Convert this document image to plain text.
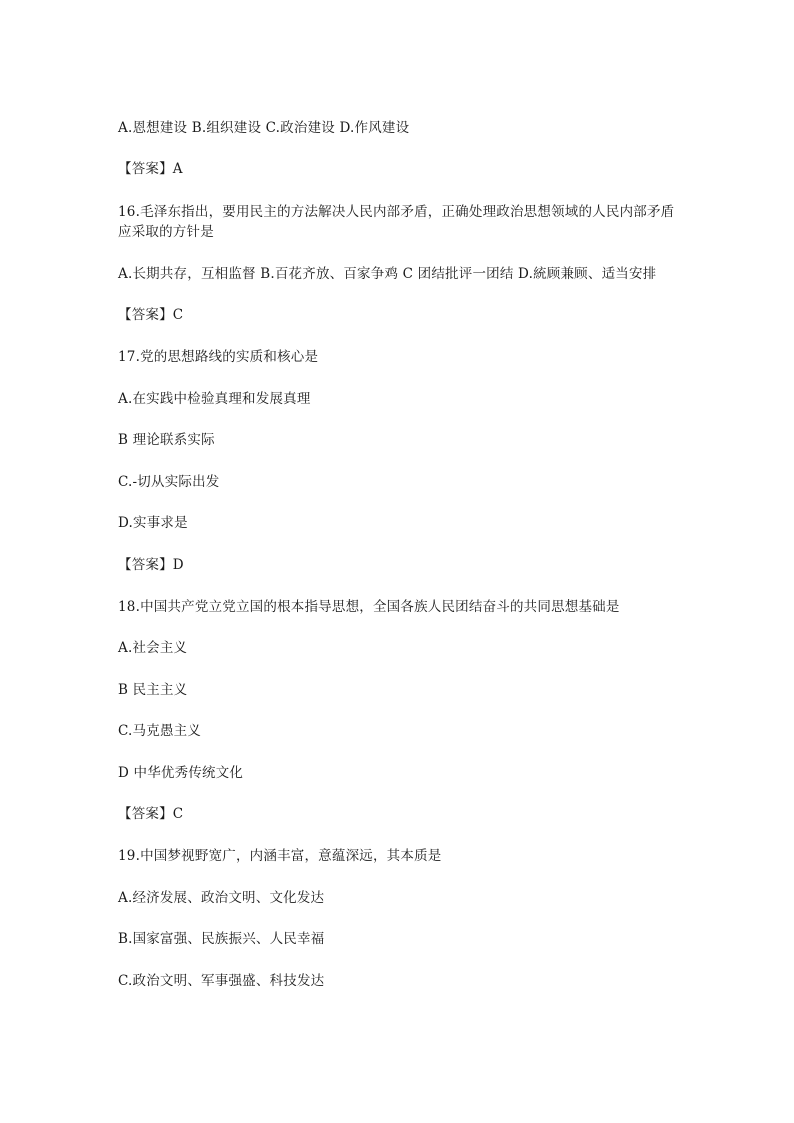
A.恩想建设 B.组织建设 C.政治建设 D.作风建设
【答案】A
16.毛泽东指出，要用民主的方法解决人民内部矛盾，正确处理政治思想领域的人民内部矛盾应采取的方针是
A.长期共存，互相监督 B.百花齐放、百家争鸡 C 团结批评一团结 D.統顾兼顾、适当安排
【答案】C
17.党的思想路线的实质和核心是
A.在实践中检验真理和发展真理
B 理论联系实际
C.-切从实际出发
D.实事求是
【答案】D
18.中国共产党立党立国的根本指导思想，全国各族人民团结奋斗的共同思想基础是
A.社会主义
B 民主主义
C.马克愚主义
D 中华优秀传统文化
【答案】C
19.中国梦视野宽广，内涵丰富，意蕴深远，其本质是
A.经济发展、政治文明、文化发达
B.国家富强、民族振兴、人民幸福
C.政治文明、军事强盛、科技发达
